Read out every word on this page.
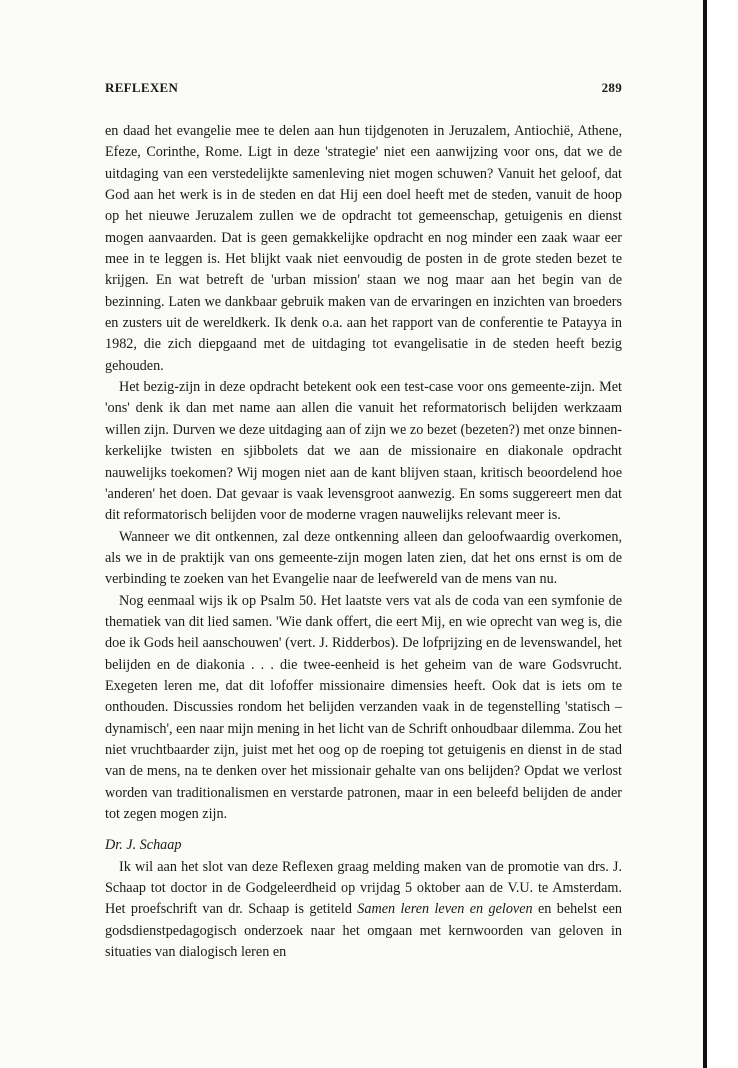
REFLEXEN	289

en daad het evangelie mee te delen aan hun tijdgenoten in Jeruzalem, Antiochië, Athene, Efeze, Corinthe, Rome. Ligt in deze 'strategie' niet een aanwijzing voor ons, dat we de uitdaging van een verstedelijkte samenleving niet mogen schuwen? Vanuit het geloof, dat God aan het werk is in de steden en dat Hij een doel heeft met de steden, vanuit de hoop op het nieuwe Jeruzalem zullen we de opdracht tot gemeenschap, getuigenis en dienst mogen aanvaarden. Dat is geen gemakkelijke opdracht en nog minder een zaak waar eer mee in te leggen is. Het blijkt vaak niet eenvoudig de posten in de grote steden bezet te krijgen. En wat betreft de 'urban mission' staan we nog maar aan het begin van de bezinning. Laten we dankbaar gebruik maken van de ervaringen en inzichten van broeders en zusters uit de wereldkerk. Ik denk o.a. aan het rapport van de conferentie te Patayya in 1982, die zich diepgaand met de uitdaging tot evangelisatie in de steden heeft bezig gehouden.

Het bezig-zijn in deze opdracht betekent ook een test-case voor ons gemeente-zijn. Met 'ons' denk ik dan met name aan allen die vanuit het reformatorisch belijden werkzaam willen zijn. Durven we deze uitdaging aan of zijn we zo bezet (bezeten?) met onze binnen-kerkelijke twisten en sjibbolets dat we aan de missionaire en diakonale opdracht nauwelijks toekomen? Wij mogen niet aan de kant blijven staan, kritisch beoordelend hoe 'anderen' het doen. Dat gevaar is vaak levensgroot aanwezig. En soms suggereert men dat dit reformatorisch belijden voor de moderne vragen nauwelijks relevant meer is.

Wanneer we dit ontkennen, zal deze ontkenning alleen dan geloofwaardig overkomen, als we in de praktijk van ons gemeente-zijn mogen laten zien, dat het ons ernst is om de verbinding te zoeken van het Evangelie naar de leefwereld van de mens van nu.

Nog eenmaal wijs ik op Psalm 50. Het laatste vers vat als de coda van een symfonie de thematiek van dit lied samen. 'Wie dank offert, die eert Mij, en wie oprecht van weg is, die doe ik Gods heil aanschouwen' (vert. J. Ridderbos). De lofprijzing en de levenswandel, het belijden en de diakonia . . . die twee-eenheid is het geheim van de ware Godsvrucht. Exegeten leren me, dat dit lofoffer missionaire dimensies heeft. Ook dat is iets om te onthouden. Discussies rondom het belijden verzanden vaak in de tegenstelling 'statisch – dynamisch', een naar mijn mening in het licht van de Schrift onhoudbaar dilemma. Zou het niet vruchtbaarder zijn, juist met het oog op de roeping tot getuigenis en dienst in de stad van de mens, na te denken over het missionair gehalte van ons belijden? Opdat we verlost worden van traditionalismen en verstarde patronen, maar in een beleefd belijden de ander tot zegen mogen zijn.

Dr. J. Schaap

Ik wil aan het slot van deze Reflexen graag melding maken van de promotie van drs. J. Schaap tot doctor in de Godgeleerdheid op vrijdag 5 oktober aan de V.U. te Amsterdam. Het proefschrift van dr. Schaap is getiteld Samen leren leven en geloven en behelst een godsdienstpedagogisch onderzoek naar het omgaan met kernwoorden van geloven in situaties van dialogisch leren en
